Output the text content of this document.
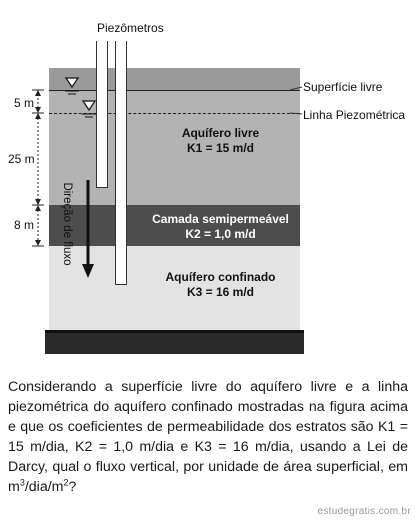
Direção de fluxo
Piezômetros
Superfície livre
Linha Piezométrica
5 m
25 m
8 m
Aquífero livre
K1 = 15 m/d
Camada semipermeável
K2 = 1,0 m/d
Aquífero confinado
K3 = 16 m/d
Considerando a superfície livre do aquífero livre e a linha piezométrica do aquífero confinado mostradas na figura acima e que os coeficientes de permeabilidade dos estratos são K1 = 15 m/dia, K2 = 1,0 m/dia e K3 = 16 m/dia, usando a Lei de Darcy, qual o fluxo vertical, por unidade de área superficial, em $m^3/dia/m^2$?
estudegratis.com.br
